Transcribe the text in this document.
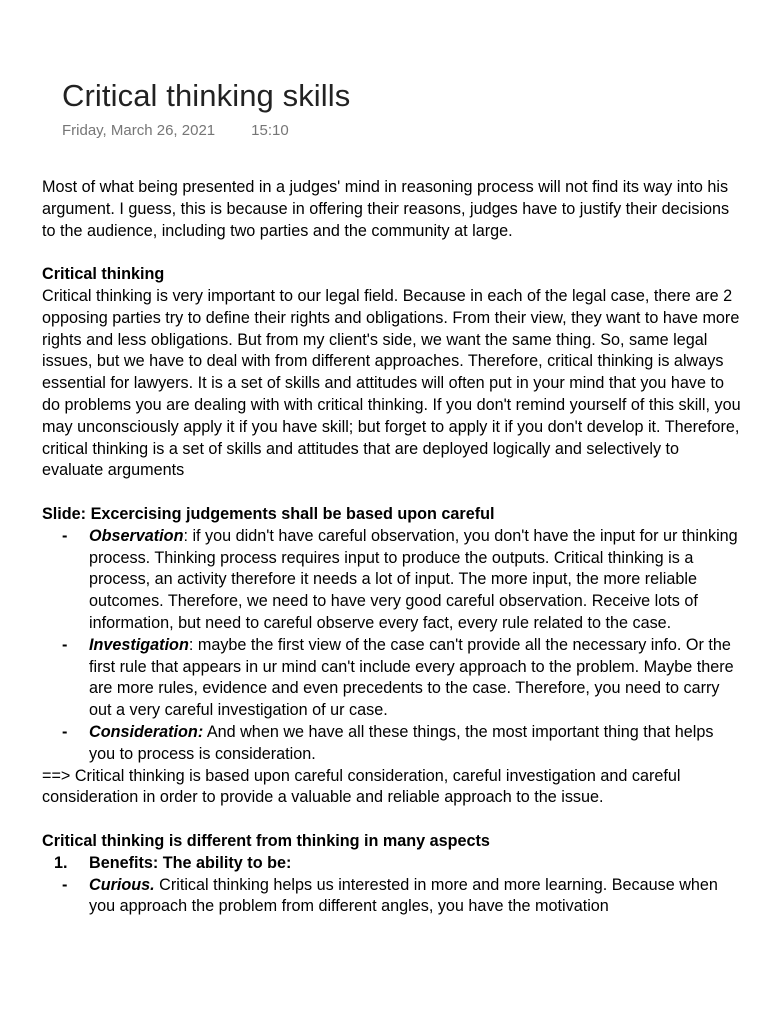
Critical thinking skills
Friday, March 26, 2021 15:10

Most of what being presented in a judges' mind in reasoning process will not find its way into his argument. I guess, this is because in offering their reasons, judges have to justify their decisions to the audience, including two parties and the community at large.

Critical thinking

Critical thinking is very important to our legal field. Because in each of the legal case, there are 2 opposing parties try to define their rights and obligations. From their view, they want to have more rights and less obligations. But from my client's side, we want the same thing. So, same legal issues, but we have to deal with from different approaches. Therefore, critical thinking is always essential for lawyers. It is a set of skills and attitudes will often put in your mind that you have to do problems you are dealing with with critical thinking. If you don't remind yourself of this skill, you may unconsciously apply it if you have skill; but forget to apply it if you don't develop it. Therefore, critical thinking is a set of skills and attitudes that are deployed logically and selectively to evaluate arguments

Slide: Excercising judgements shall be based upon careful

- Observation: if you didn't have careful observation, you don't have the input for ur thinking process. Thinking process requires input to produce the outputs. Critical thinking is a process, an activity therefore it needs a lot of input. The more input, the more reliable outcomes. Therefore, we need to have very good careful observation. Receive lots of information, but need to careful observe every fact, every rule related to the case.
- Investigation: maybe the first view of the case can't provide all the necessary info. Or the first rule that appears in ur mind can't include every approach to the problem. Maybe there are more rules, evidence and even precedents to the case. Therefore, you need to carry out a very careful investigation of ur case.
- Consideration: And when we have all these things, the most important thing that helps you to process is consideration.

==> Critical thinking is based upon careful consideration, careful investigation and careful consideration in order to provide a valuable and reliable approach to the issue.

Critical thinking is different from thinking in many aspects

1. Benefits: The ability to be:
- Curious. Critical thinking helps us interested in more and more learning. Because when you approach the problem from different angles, you have the motivation
